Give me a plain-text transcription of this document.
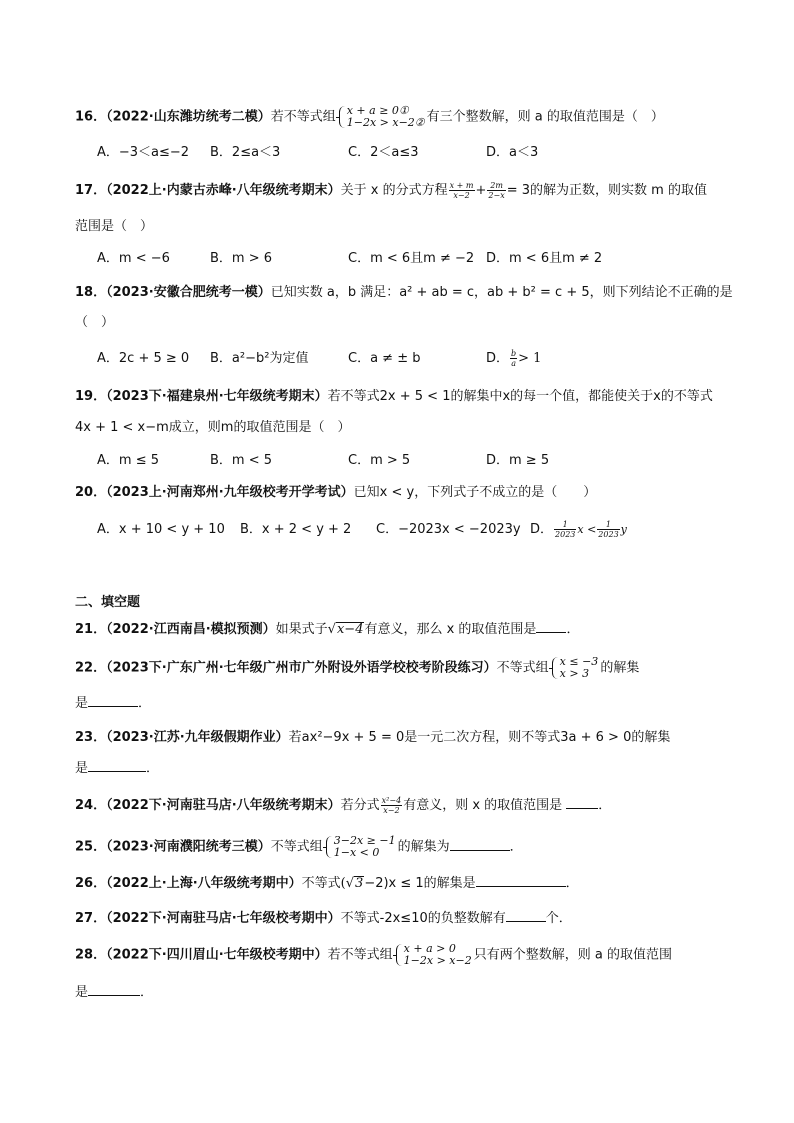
16．（2022·山东潍坊统考二模）若不等式组 x + a ≥ 0①
1−2x > x−2② 有三个整数解，则 a 的取值范围是（　）
A．−3＜a≤−2 B．2≤a＜3	C．2＜a≤3	D．a＜3
17．（2022上·内蒙古赤峰·八年级统考期末）关于 x 的分式方程 $\frac{x + m}{x-2} + \frac{2m}{2-x} = 3$的解为正数，则实数 m 的取值
范围是（　）
A．m < −6	B．m > 6	C．m < 6且m ≠ −2 D．m < 6且m ≠ 2
18．（2023·安徽合肥统考一模）已知实数 a，b 满足：a² + ab = c，ab + b² = c + 5，则下列结论不正确的是
（　）
A．2c + 5 ≥ 0 B．a²−b²为定值	C．a ≠ ± b	D． $\frac{b}{a} > 1$
19．（2023下·福建泉州·七年级统考期末）若不等式2x + 5 < 1的解集中x的每一个值，都能使关于x的不等式
4x + 1 < x−m成立，则m的取值范围是（　）
A．m ≤ 5	B．m < 5	C．m > 5	D．m ≥ 5
20．（2023上·河南郑州·九年级校考开学考试）已知x < y，下列式子不成立的是（　　）
A．x + 10 < y + 10 B．x + 2 < y + 2 C．−2023x < −2023y D． $\frac{1}{2023}$ $x < \frac{1}{2023}$ y
二、填空题
21．（2022·江西南昌·模拟预测）如果式子√x−4有意义，那么 x 的取值范围是 ．
22．（2023下·广东广州·七年级广州市广外附设外语学校校考阶段练习）不等式组 x ≤ −3
x > 3 的解集
是	．
23．（2023·江苏·九年级假期作业）若ax²−9x + 5 = 0是一元二次方程，则不等式3a + 6 > 0的解集
是	．
24．（2022下·河南驻马店·八年级统考期末）若分式 $\frac{\text{x²−4}}{x-2}$ 有意义，则 x 的取值范围是	．
25．（2023·河南濮阳统考三模）不等式组 3−2x ≥ −1
1−x < 0	的解集为	．
26．（2022上·上海·八年级统考期中）不等式(√3−2)x ≤ 1的解集是	．
27．（2022下·河南驻马店·七年级校考期中）不等式-2x≤10的负整数解有	个．
28．（2022下·四川眉山·七年级校考期中）若不等式组 x + a > 0
1−2x > x−2 只有两个整数解，则 a 的取值范围
是	．
